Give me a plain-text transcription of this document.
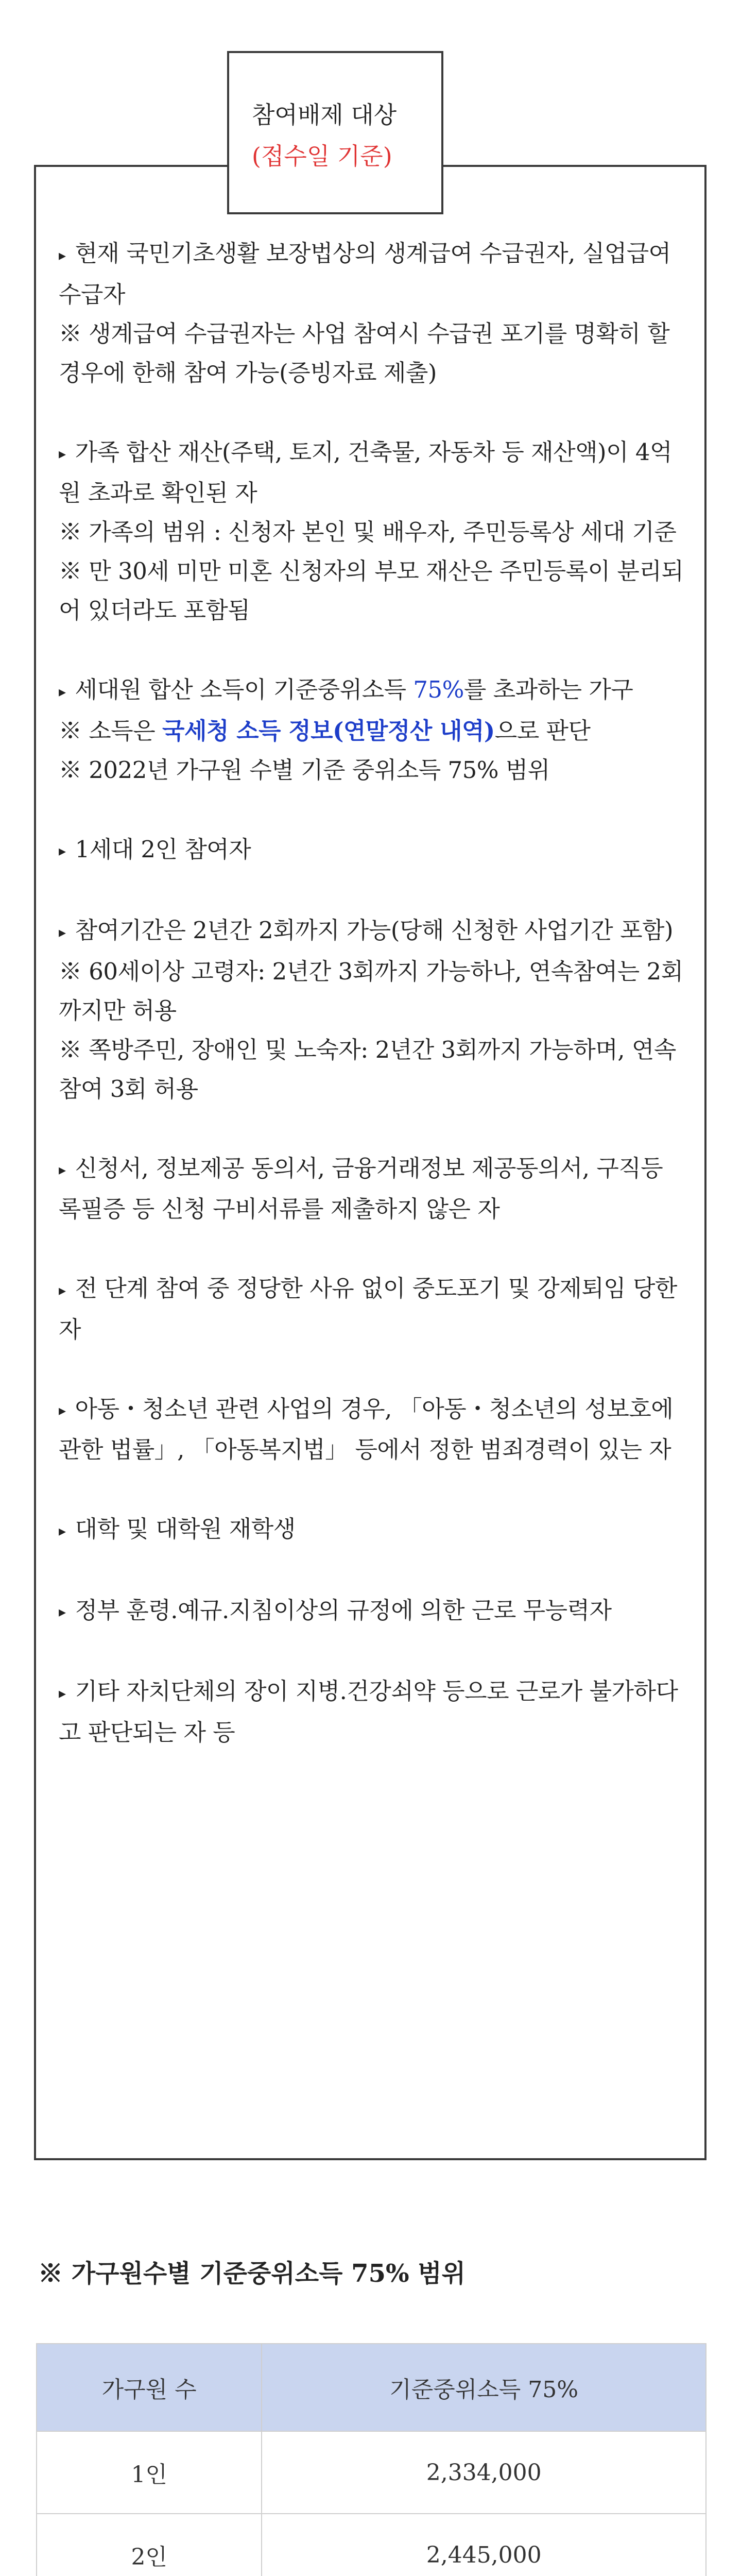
참여배제 대상(접수일 기준)

▸ 현재 국민기초생활 보장법상의 생계급여 수급권자, 실업급여 수급자

※ 생계급여 수급권자는 사업 참여시 수급권 포기를 명확히 할 경우에 한해 참여 가능(증빙자료 제출)

▸ 가족 합산 재산(주택, 토지, 건축물, 자동차 등 재산액)이 4억원 초과로 확인된 자

※ 가족의 범위 : 신청자 본인 및 배우자, 주민등록상 세대 기준

※ 만 30세 미만 미혼 신청자의 부모 재산은 주민등록이 분리되어 있더라도 포함됨

▸ 세대원 합산 소득이 기준중위소득 75%를 초과하는 가구

※ 소득은 국세청 소득 정보(연말정산 내역)으로 판단

※ 2022년 가구원 수별 기준 중위소득 75% 범위

▸ 1세대 2인 참여자

▸ 참여기간은 2년간 2회까지 가능(당해 신청한 사업기간 포함)

※ 60세이상 고령자: 2년간 3회까지 가능하나, 연속참여는 2회까지만 허용

※ 쪽방주민, 장애인 및 노숙자: 2년간 3회까지 가능하며, 연속참여 3회 허용

▸ 신청서, 정보제공 동의서, 금융거래정보 제공동의서, 구직등록필증 등 신청 구비서류를 제출하지 않은 자

▸ 전 단계 참여 중 정당한 사유 없이 중도포기 및 강제퇴임 당한 자

▸ 아동・청소년 관련 사업의 경우, 「아동・청소년의 성보호에 관한 법률」, 「아동복지법」 등에서 정한 범죄경력이 있는 자

▸ 대학 및 대학원 재학생

▸ 정부 훈령.예규.지침이상의 규정에 의한 근로 무능력자

▸ 기타 자치단체의 장이 지병.건강쇠약 등으로 근로가 불가하다고 판단되는 자 등

※ 가구원수별 기준중위소득 75% 범위
가구원 수	기준중위소득 75%
1인	2,334,000
2인	2,445,000
